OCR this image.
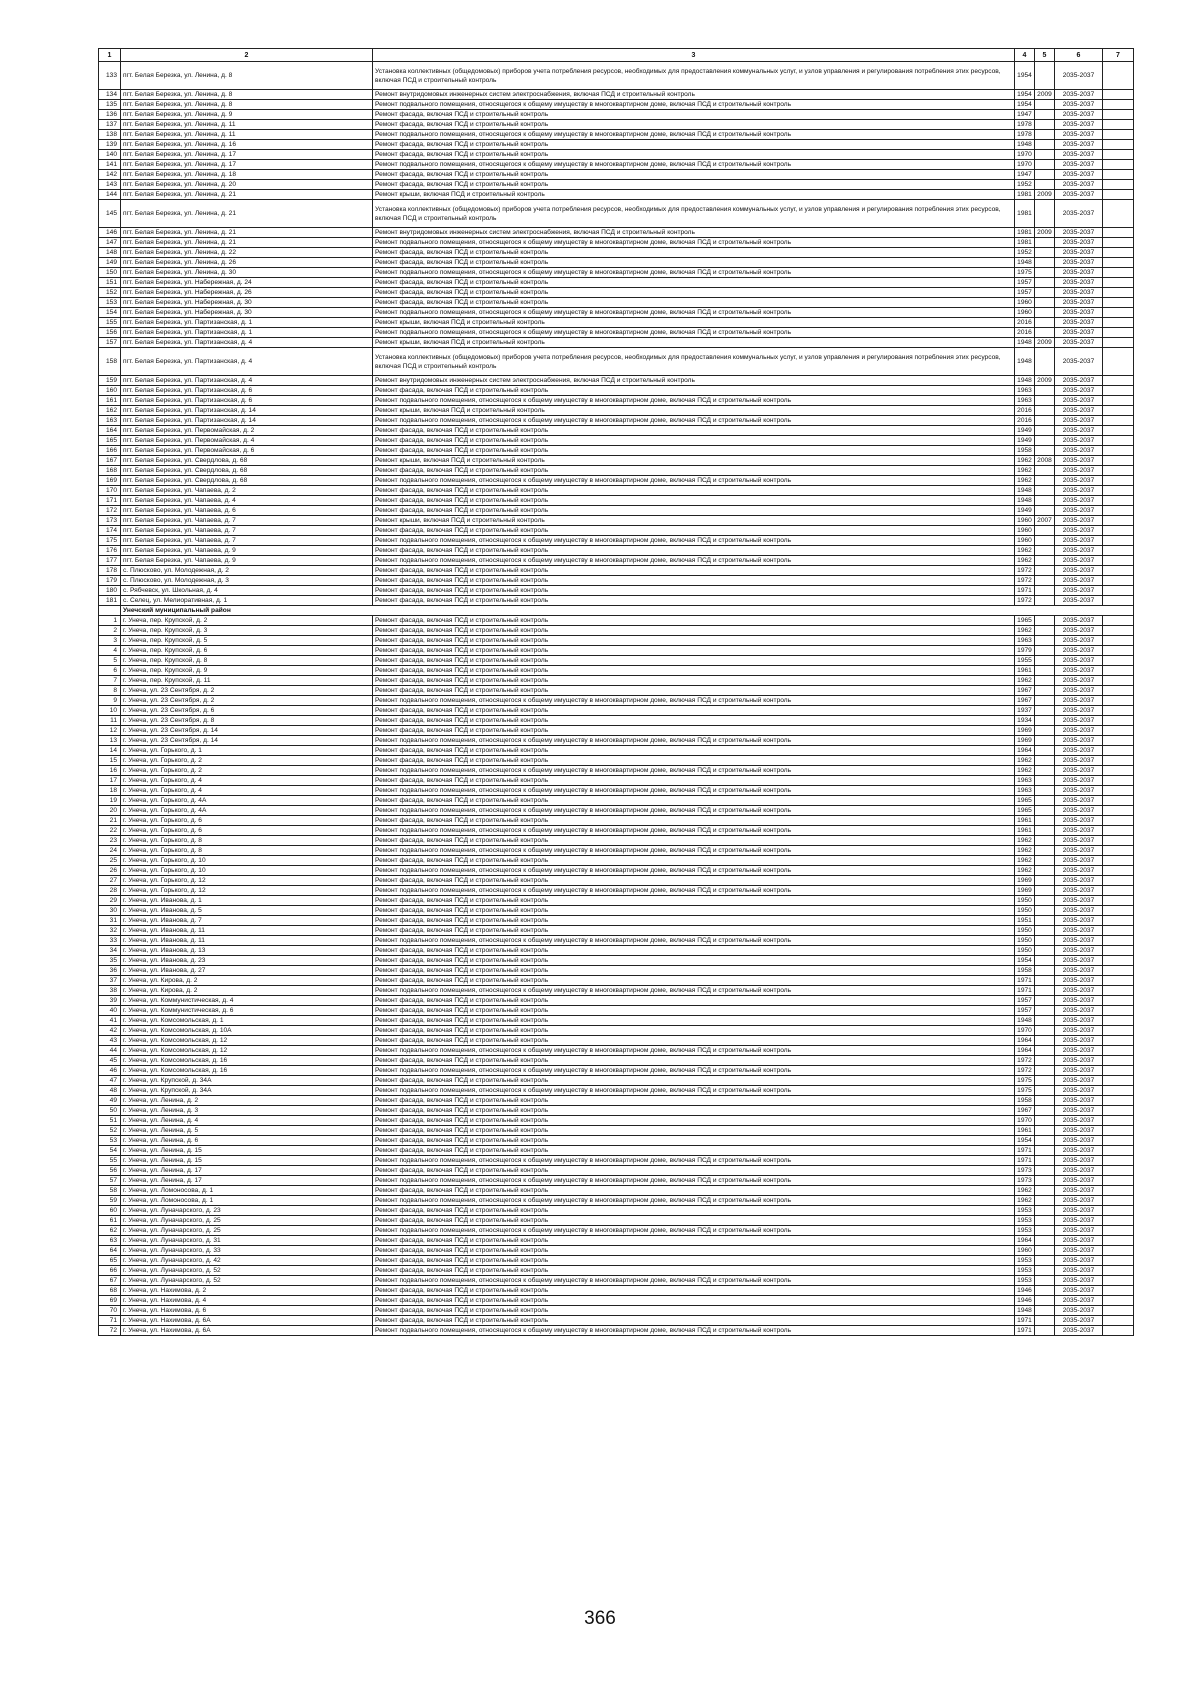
1	2	3	4	5	6	7
133	пгт. Белая Березка, ул. Ленина, д. 8	Установка коллективных (общедомовых) приборов учета потребления ресурсов, необходимых для предоставления коммунальных услуг, и узлов управления и регулирования потребления этих ресурсов, включая ПСД и строительный контроль	1954		2035-2037	
134	пгт. Белая Березка, ул. Ленина, д. 8	Ремонт внутридомовых инженерных систем электроснабжения, включая ПСД и строительный контроль	1954	2009	2035-2037	
135	пгт. Белая Березка, ул. Ленина, д. 8	Ремонт подвального помещения, относящегося к общему имуществу в многоквартирном доме, включая ПСД и строительный контроль	1954		2035-2037	
136	пгт. Белая Березка, ул. Ленина, д. 9	Ремонт фасада, включая ПСД и строительный контроль	1947		2035-2037	
137	пгт. Белая Березка, ул. Ленина, д. 11	Ремонт фасада, включая ПСД и строительный контроль	1978		2035-2037	
138	пгт. Белая Березка, ул. Ленина, д. 11	Ремонт подвального помещения, относящегося к общему имуществу в многоквартирном доме, включая ПСД и строительный контроль	1978		2035-2037	
139	пгт. Белая Березка, ул. Ленина, д. 16	Ремонт фасада, включая ПСД и строительный контроль	1948		2035-2037	
140	пгт. Белая Березка, ул. Ленина, д. 17	Ремонт фасада, включая ПСД и строительный контроль	1970		2035-2037	
141	пгт. Белая Березка, ул. Ленина, д. 17	Ремонт подвального помещения, относящегося к общему имуществу в многоквартирном доме, включая ПСД и строительный контроль	1970		2035-2037	
142	пгт. Белая Березка, ул. Ленина, д. 18	Ремонт фасада, включая ПСД и строительный контроль	1947		2035-2037	
143	пгт. Белая Березка, ул. Ленина, д. 20	Ремонт фасада, включая ПСД и строительный контроль	1952		2035-2037	
144	пгт. Белая Березка, ул. Ленина, д. 21	Ремонт крыши, включая ПСД и строительный контроль	1981	2009	2035-2037	
145	пгт. Белая Березка, ул. Ленина, д. 21	Установка коллективных (общедомовых) приборов учета потребления ресурсов, необходимых для предоставления коммунальных услуг, и узлов управления и регулирования потребления этих ресурсов, включая ПСД и строительный контроль	1981		2035-2037	
146	пгт. Белая Березка, ул. Ленина, д. 21	Ремонт внутридомовых инженерных систем электроснабжения, включая ПСД и строительный контроль	1981	2009	2035-2037	
147	пгт. Белая Березка, ул. Ленина, д. 21	Ремонт подвального помещения, относящегося к общему имуществу в многоквартирном доме, включая ПСД и строительный контроль	1981		2035-2037	
148	пгт. Белая Березка, ул. Ленина, д. 22	Ремонт фасада, включая ПСД и строительный контроль	1952		2035-2037	
149	пгт. Белая Березка, ул. Ленина, д. 26	Ремонт фасада, включая ПСД и строительный контроль	1948		2035-2037	
150	пгт. Белая Березка, ул. Ленина, д. 30	Ремонт подвального помещения, относящегося к общему имуществу в многоквартирном доме, включая ПСД и строительный контроль	1975		2035-2037	
151	пгт. Белая Березка, ул. Набережная, д. 24	Ремонт фасада, включая ПСД и строительный контроль	1957		2035-2037	
152	пгт. Белая Березка, ул. Набережная, д. 26	Ремонт фасада, включая ПСД и строительный контроль	1957		2035-2037	
153	пгт. Белая Березка, ул. Набережная, д. 30	Ремонт фасада, включая ПСД и строительный контроль	1960		2035-2037	
154	пгт. Белая Березка, ул. Набережная, д. 30	Ремонт подвального помещения, относящегося к общему имуществу в многоквартирном доме, включая ПСД и строительный контроль	1960		2035-2037	
155	пгт. Белая Березка, ул. Партизанская, д. 1	Ремонт крыши, включая ПСД и строительный контроль	2016		2035-2037	
156	пгт. Белая Березка, ул. Партизанская, д. 1	Ремонт подвального помещения, относящегося к общему имуществу в многоквартирном доме, включая ПСД и строительный контроль	2016		2035-2037	
157	пгт. Белая Березка, ул. Партизанская, д. 4	Ремонт крыши, включая ПСД и строительный контроль	1948	2009	2035-2037	
158	пгт. Белая Березка, ул. Партизанская, д. 4	Установка коллективных (общедомовых) приборов учета потребления ресурсов, необходимых для предоставления коммунальных услуг, и узлов управления и регулирования потребления этих ресурсов, включая ПСД и строительный контроль	1948		2035-2037	
159	пгт. Белая Березка, ул. Партизанская, д. 4	Ремонт внутридомовых инженерных систем электроснабжения, включая ПСД и строительный контроль	1948	2009	2035-2037	
160	пгт. Белая Березка, ул. Партизанская, д. 6	Ремонт фасада, включая ПСД и строительный контроль	1963		2035-2037	
161	пгт. Белая Березка, ул. Партизанская, д. 6	Ремонт подвального помещения, относящегося к общему имуществу в многоквартирном доме, включая ПСД и строительный контроль	1963		2035-2037	
162	пгт. Белая Березка, ул. Партизанская, д. 14	Ремонт крыши, включая ПСД и строительный контроль	2016		2035-2037	
163	пгт. Белая Березка, ул. Партизанская, д. 14	Ремонт подвального помещения, относящегося к общему имуществу в многоквартирном доме, включая ПСД и строительный контроль	2016		2035-2037	
164	пгт. Белая Березка, ул. Первомайская, д. 2	Ремонт фасада, включая ПСД и строительный контроль	1949		2035-2037	
165	пгт. Белая Березка, ул. Первомайская, д. 4	Ремонт фасада, включая ПСД и строительный контроль	1949		2035-2037	
166	пгт. Белая Березка, ул. Первомайская, д. 6	Ремонт фасада, включая ПСД и строительный контроль	1958		2035-2037	
167	пгт. Белая Березка, ул. Свердлова, д. 68	Ремонт крыши, включая ПСД и строительный контроль	1962	2008	2035-2037	
168	пгт. Белая Березка, ул. Свердлова, д. 68	Ремонт фасада, включая ПСД и строительный контроль	1962		2035-2037	
169	пгт. Белая Березка, ул. Свердлова, д. 68	Ремонт подвального помещения, относящегося к общему имуществу в многоквартирном доме, включая ПСД и строительный контроль	1962		2035-2037	
170	пгт. Белая Березка, ул. Чапаева, д. 2	Ремонт фасада, включая ПСД и строительный контроль	1948		2035-2037	
171	пгт. Белая Березка, ул. Чапаева, д. 4	Ремонт фасада, включая ПСД и строительный контроль	1948		2035-2037	
172	пгт. Белая Березка, ул. Чапаева, д. 6	Ремонт фасада, включая ПСД и строительный контроль	1949		2035-2037	
173	пгт. Белая Березка, ул. Чапаева, д. 7	Ремонт крыши, включая ПСД и строительный контроль	1960	2007	2035-2037	
174	пгт. Белая Березка, ул. Чапаева, д. 7	Ремонт фасада, включая ПСД и строительный контроль	1960		2035-2037	
175	пгт. Белая Березка, ул. Чапаева, д. 7	Ремонт подвального помещения, относящегося к общему имуществу в многоквартирном доме, включая ПСД и строительный контроль	1960		2035-2037	
176	пгт. Белая Березка, ул. Чапаева, д. 9	Ремонт фасада, включая ПСД и строительный контроль	1962		2035-2037	
177	пгт. Белая Березка, ул. Чапаева, д. 9	Ремонт подвального помещения, относящегося к общему имуществу в многоквартирном доме, включая ПСД и строительный контроль	1962		2035-2037	
178	с. Плюсково, ул. Молодежная, д. 2	Ремонт фасада, включая ПСД и строительный контроль	1972		2035-2037	
179	с. Плюсково, ул. Молодежная, д. 3	Ремонт фасада, включая ПСД и строительный контроль	1972		2035-2037	
180	с. Рябчевск, ул. Школьная, д. 4	Ремонт фасада, включая ПСД и строительный контроль	1971		2035-2037	
181	с. Селец, ул. Мелиоративная, д. 1	Ремонт фасада, включая ПСД и строительный контроль	1972		2035-2037	
	Унечский муниципальный район					
1	г. Унеча, пер. Крупской, д. 2	Ремонт фасада, включая ПСД и строительный контроль	1965		2035-2037	
2	г. Унеча, пер. Крупской, д. 3	Ремонт фасада, включая ПСД и строительный контроль	1962		2035-2037	
3	г. Унеча, пер. Крупской, д. 5	Ремонт фасада, включая ПСД и строительный контроль	1963		2035-2037	
4	г. Унеча, пер. Крупской, д. 6	Ремонт фасада, включая ПСД и строительный контроль	1979		2035-2037	
5	г. Унеча, пер. Крупской, д. 8	Ремонт фасада, включая ПСД и строительный контроль	1955		2035-2037	
6	г. Унеча, пер. Крупской, д. 9	Ремонт фасада, включая ПСД и строительный контроль	1961		2035-2037	
7	г. Унеча, пер. Крупской, д. 11	Ремонт фасада, включая ПСД и строительный контроль	1962		2035-2037	
8	г. Унеча, ул. 23 Сентября, д. 2	Ремонт фасада, включая ПСД и строительный контроль	1967		2035-2037	
9	г. Унеча, ул. 23 Сентября, д. 2	Ремонт подвального помещения, относящегося к общему имуществу в многоквартирном доме, включая ПСД и строительный контроль	1967		2035-2037	
10	г. Унеча, ул. 23 Сентября, д. 6	Ремонт фасада, включая ПСД и строительный контроль	1937		2035-2037	
11	г. Унеча, ул. 23 Сентября, д. 8	Ремонт фасада, включая ПСД и строительный контроль	1934		2035-2037	
12	г. Унеча, ул. 23 Сентября, д. 14	Ремонт фасада, включая ПСД и строительный контроль	1969		2035-2037	
13	г. Унеча, ул. 23 Сентября, д. 14	Ремонт подвального помещения, относящегося к общему имуществу в многоквартирном доме, включая ПСД и строительный контроль	1969		2035-2037	
14	г. Унеча, ул. Горького, д. 1	Ремонт фасада, включая ПСД и строительный контроль	1964		2035-2037	
15	г. Унеча, ул. Горького, д. 2	Ремонт фасада, включая ПСД и строительный контроль	1962		2035-2037	
16	г. Унеча, ул. Горького, д. 2	Ремонт подвального помещения, относящегося к общему имуществу в многоквартирном доме, включая ПСД и строительный контроль	1962		2035-2037	
17	г. Унеча, ул. Горького, д. 4	Ремонт фасада, включая ПСД и строительный контроль	1963		2035-2037	
18	г. Унеча, ул. Горького, д. 4	Ремонт подвального помещения, относящегося к общему имуществу в многоквартирном доме, включая ПСД и строительный контроль	1963		2035-2037	
19	г. Унеча, ул. Горького, д. 4А	Ремонт фасада, включая ПСД и строительный контроль	1965		2035-2037	
20	г. Унеча, ул. Горького, д. 4А	Ремонт подвального помещения, относящегося к общему имуществу в многоквартирном доме, включая ПСД и строительный контроль	1965		2035-2037	
21	г. Унеча, ул. Горького, д. 6	Ремонт фасада, включая ПСД и строительный контроль	1961		2035-2037	
22	г. Унеча, ул. Горького, д. 6	Ремонт подвального помещения, относящегося к общему имуществу в многоквартирном доме, включая ПСД и строительный контроль	1961		2035-2037	
23	г. Унеча, ул. Горького, д. 8	Ремонт фасада, включая ПСД и строительный контроль	1962		2035-2037	
24	г. Унеча, ул. Горького, д. 8	Ремонт подвального помещения, относящегося к общему имуществу в многоквартирном доме, включая ПСД и строительный контроль	1962		2035-2037	
25	г. Унеча, ул. Горького, д. 10	Ремонт фасада, включая ПСД и строительный контроль	1962		2035-2037	
26	г. Унеча, ул. Горького, д. 10	Ремонт подвального помещения, относящегося к общему имуществу в многоквартирном доме, включая ПСД и строительный контроль	1962		2035-2037	
27	г. Унеча, ул. Горького, д. 12	Ремонт фасада, включая ПСД и строительный контроль	1969		2035-2037	
28	г. Унеча, ул. Горького, д. 12	Ремонт подвального помещения, относящегося к общему имуществу в многоквартирном доме, включая ПСД и строительный контроль	1969		2035-2037	
29	г. Унеча, ул. Иванова, д. 1	Ремонт фасада, включая ПСД и строительный контроль	1950		2035-2037	
30	г. Унеча, ул. Иванова, д. 5	Ремонт фасада, включая ПСД и строительный контроль	1950		2035-2037	
31	г. Унеча, ул. Иванова, д. 7	Ремонт фасада, включая ПСД и строительный контроль	1951		2035-2037	
32	г. Унеча, ул. Иванова, д. 11	Ремонт фасада, включая ПСД и строительный контроль	1950		2035-2037	
33	г. Унеча, ул. Иванова, д. 11	Ремонт подвального помещения, относящегося к общему имуществу в многоквартирном доме, включая ПСД и строительный контроль	1950		2035-2037	
34	г. Унеча, ул. Иванова, д. 13	Ремонт фасада, включая ПСД и строительный контроль	1950		2035-2037	
35	г. Унеча, ул. Иванова, д. 23	Ремонт фасада, включая ПСД и строительный контроль	1954		2035-2037	
36	г. Унеча, ул. Иванова, д. 27	Ремонт фасада, включая ПСД и строительный контроль	1958		2035-2037	
37	г. Унеча, ул. Кирова, д. 2	Ремонт фасада, включая ПСД и строительный контроль	1971		2035-2037	
38	г. Унеча, ул. Кирова, д. 2	Ремонт подвального помещения, относящегося к общему имуществу в многоквартирном доме, включая ПСД и строительный контроль	1971		2035-2037	
39	г. Унеча, ул. Коммунистическая, д. 4	Ремонт фасада, включая ПСД и строительный контроль	1957		2035-2037	
40	г. Унеча, ул. Коммунистическая, д. 6	Ремонт фасада, включая ПСД и строительный контроль	1957		2035-2037	
41	г. Унеча, ул. Комсомольская, д. 1	Ремонт фасада, включая ПСД и строительный контроль	1948		2035-2037	
42	г. Унеча, ул. Комсомольская, д. 10А	Ремонт фасада, включая ПСД и строительный контроль	1970		2035-2037	
43	г. Унеча, ул. Комсомольская, д. 12	Ремонт фасада, включая ПСД и строительный контроль	1964		2035-2037	
44	г. Унеча, ул. Комсомольская, д. 12	Ремонт подвального помещения, относящегося к общему имуществу в многоквартирном доме, включая ПСД и строительный контроль	1964		2035-2037	
45	г. Унеча, ул. Комсомольская, д. 16	Ремонт фасада, включая ПСД и строительный контроль	1972		2035-2037	
46	г. Унеча, ул. Комсомольская, д. 16	Ремонт подвального помещения, относящегося к общему имуществу в многоквартирном доме, включая ПСД и строительный контроль	1972		2035-2037	
47	г. Унеча, ул. Крупской, д. 34А	Ремонт фасада, включая ПСД и строительный контроль	1975		2035-2037	
48	г. Унеча, ул. Крупской, д. 34А	Ремонт подвального помещения, относящегося к общему имуществу в многоквартирном доме, включая ПСД и строительный контроль	1975		2035-2037	
49	г. Унеча, ул. Ленина, д. 2	Ремонт фасада, включая ПСД и строительный контроль	1958		2035-2037	
50	г. Унеча, ул. Ленина, д. 3	Ремонт фасада, включая ПСД и строительный контроль	1967		2035-2037	
51	г. Унеча, ул. Ленина, д. 4	Ремонт фасада, включая ПСД и строительный контроль	1970		2035-2037	
52	г. Унеча, ул. Ленина, д. 5	Ремонт фасада, включая ПСД и строительный контроль	1961		2035-2037	
53	г. Унеча, ул. Ленина, д. 6	Ремонт фасада, включая ПСД и строительный контроль	1954		2035-2037	
54	г. Унеча, ул. Ленина, д. 15	Ремонт фасада, включая ПСД и строительный контроль	1971		2035-2037	
55	г. Унеча, ул. Ленина, д. 15	Ремонт подвального помещения, относящегося к общему имуществу в многоквартирном доме, включая ПСД и строительный контроль	1971		2035-2037	
56	г. Унеча, ул. Ленина, д. 17	Ремонт фасада, включая ПСД и строительный контроль	1973		2035-2037	
57	г. Унеча, ул. Ленина, д. 17	Ремонт подвального помещения, относящегося к общему имуществу в многоквартирном доме, включая ПСД и строительный контроль	1973		2035-2037	
58	г. Унеча, ул. Ломоносова, д. 1	Ремонт фасада, включая ПСД и строительный контроль	1962		2035-2037	
59	г. Унеча, ул. Ломоносова, д. 1	Ремонт подвального помещения, относящегося к общему имуществу в многоквартирном доме, включая ПСД и строительный контроль	1962		2035-2037	
60	г. Унеча, ул. Луначарского, д. 23	Ремонт фасада, включая ПСД и строительный контроль	1953		2035-2037	
61	г. Унеча, ул. Луначарского, д. 25	Ремонт фасада, включая ПСД и строительный контроль	1953		2035-2037	
62	г. Унеча, ул. Луначарского, д. 25	Ремонт подвального помещения, относящегося к общему имуществу в многоквартирном доме, включая ПСД и строительный контроль	1953		2035-2037	
63	г. Унеча, ул. Луначарского, д. 31	Ремонт фасада, включая ПСД и строительный контроль	1964		2035-2037	
64	г. Унеча, ул. Луначарского, д. 33	Ремонт фасада, включая ПСД и строительный контроль	1960		2035-2037	
65	г. Унеча, ул. Луначарского, д. 42	Ремонт фасада, включая ПСД и строительный контроль	1953		2035-2037	
66	г. Унеча, ул. Луначарского, д. 52	Ремонт фасада, включая ПСД и строительный контроль	1953		2035-2037	
67	г. Унеча, ул. Луначарского, д. 52	Ремонт подвального помещения, относящегося к общему имуществу в многоквартирном доме, включая ПСД и строительный контроль	1953		2035-2037	
68	г. Унеча, ул. Нахимова, д. 2	Ремонт фасада, включая ПСД и строительный контроль	1946		2035-2037	
69	г. Унеча, ул. Нахимова, д. 4	Ремонт фасада, включая ПСД и строительный контроль	1946		2035-2037	
70	г. Унеча, ул. Нахимова, д. 6	Ремонт фасада, включая ПСД и строительный контроль	1948		2035-2037	
71	г. Унеча, ул. Нахимова, д. 6А	Ремонт фасада, включая ПСД и строительный контроль	1971		2035-2037	
72	г. Унеча, ул. Нахимова, д. 6А	Ремонт подвального помещения, относящегося к общему имуществу в многоквартирном доме, включая ПСД и строительный контроль	1971		2035-2037	
366
